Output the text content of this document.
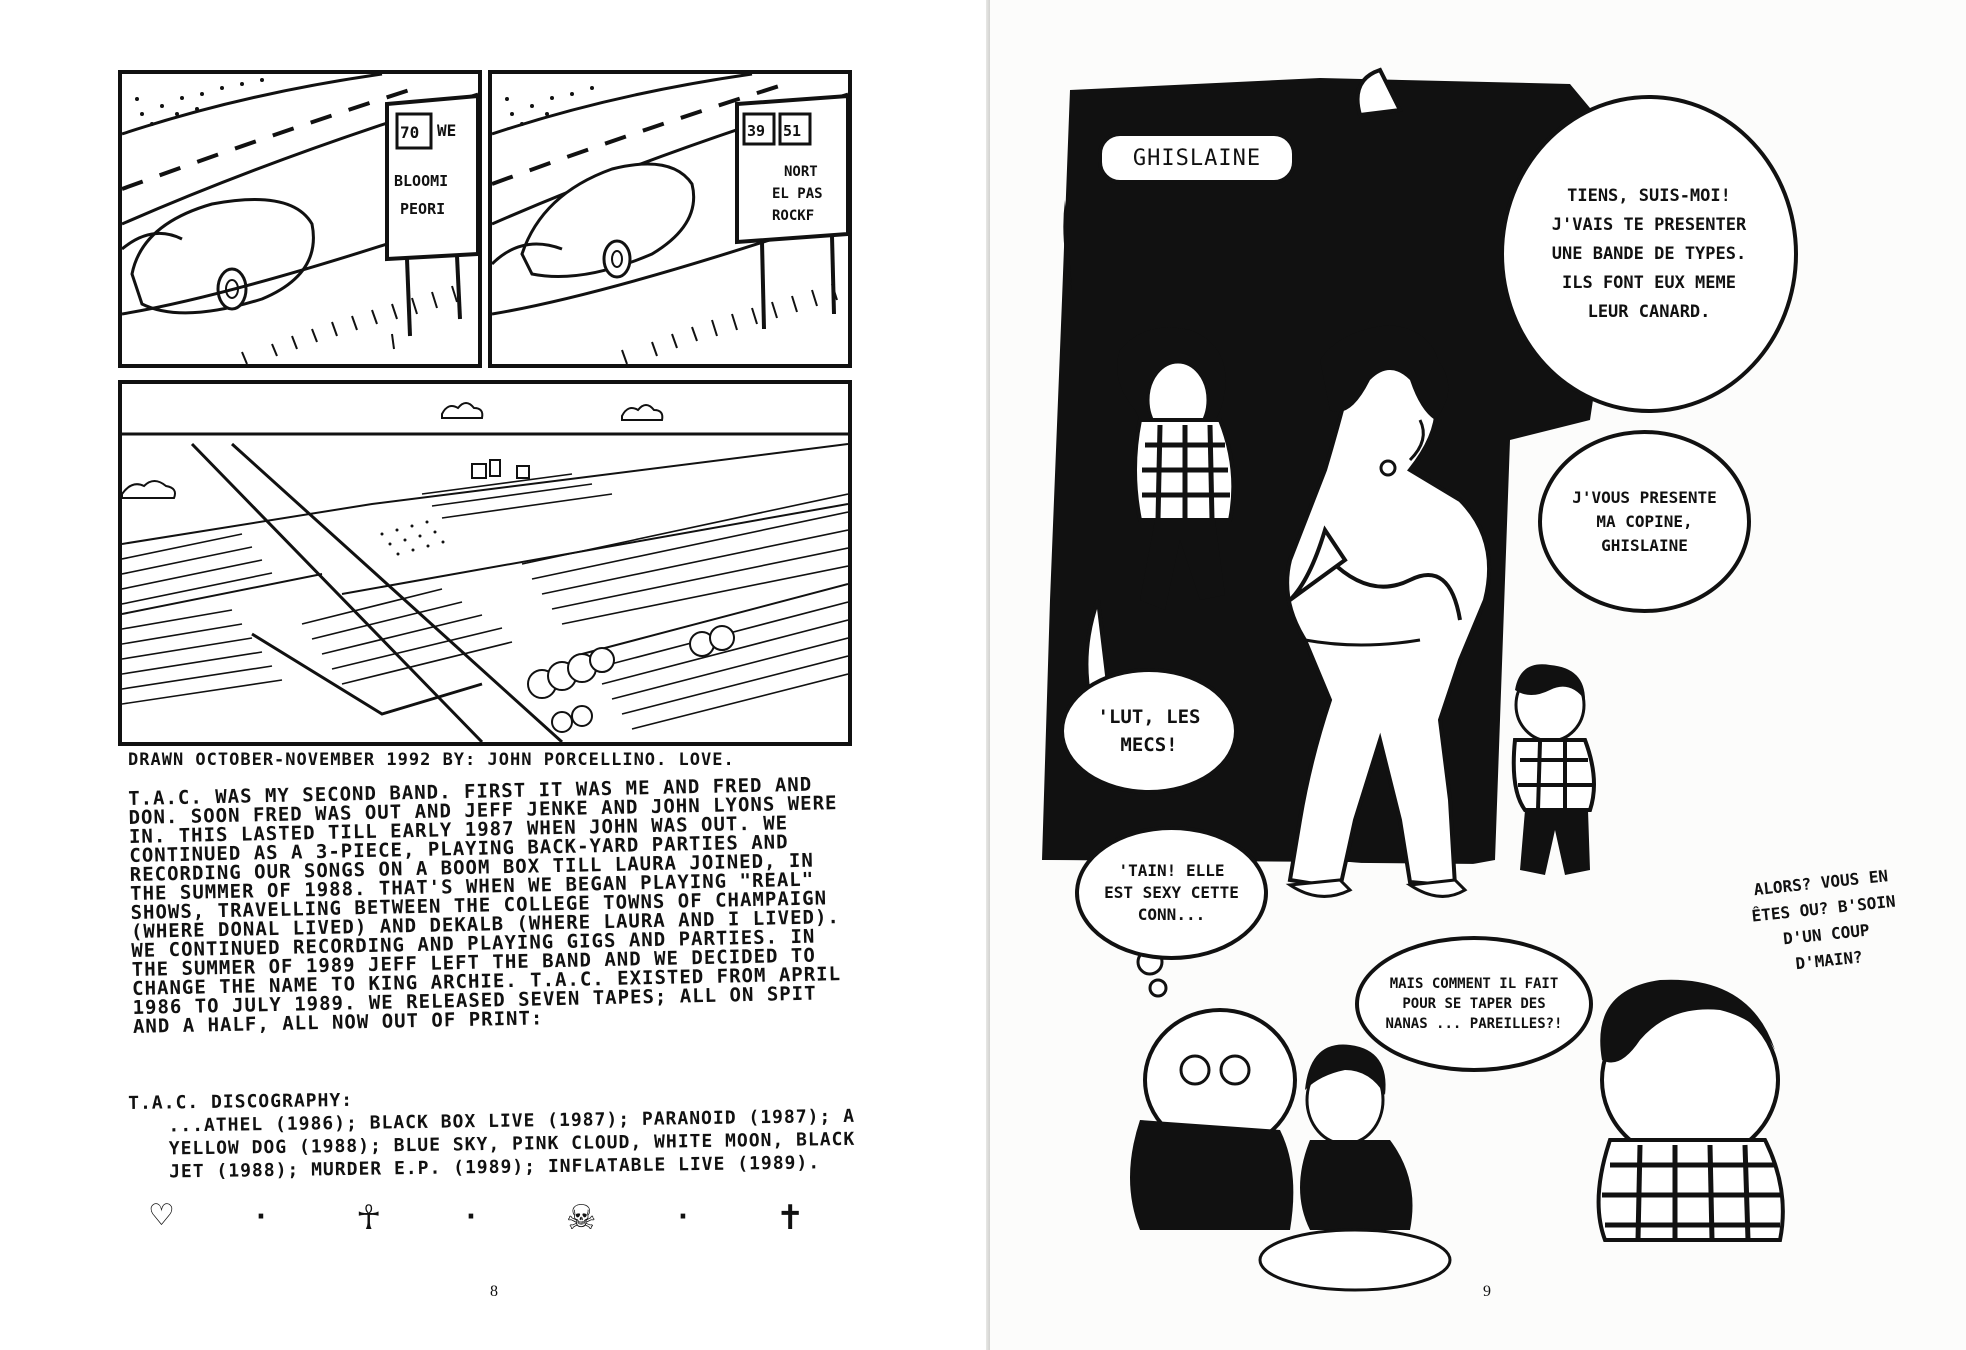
70 WE
BLOOMI
PEORI
39 51
NORT
EL PAS
ROCKF
DRAWN OCTOBER-NOVEMBER 1992 BY: JOHN PORCELLINO. LOVE.

T.A.C. WAS MY SECOND BAND. FIRST IT WAS ME AND FRED AND DON. SOON FRED WAS OUT AND JEFF JENKE AND JOHN LYONS WERE IN. THIS LASTED TILL EARLY 1987 WHEN JOHN WAS OUT. WE CONTINUED AS A 3-PIECE, PLAYING BACK-YARD PARTIES AND RECORDING OUR SONGS ON A BOOM BOX TILL LAURA JOINED, IN THE SUMMER OF 1988. THAT'S WHEN WE BEGAN PLAYING "REAL" SHOWS, TRAVELLING BETWEEN THE COLLEGE TOWNS OF CHAMPAIGN (WHERE DONAL LIVED) AND DEKALB (WHERE LAURA AND I LIVED). WE CONTINUED RECORDING AND PLAYING GIGS AND PARTIES. IN THE SUMMER OF 1989 JEFF LEFT THE BAND AND WE DECIDED TO CHANGE THE NAME TO KING ARCHIE. T.A.C. EXISTED FROM APRIL 1986 TO JULY 1989. WE RELEASED SEVEN TAPES; ALL ON SPIT AND A HALF, ALL NOW OUT OF PRINT:

T.A.C. DISCOGRAPHY:
...ATHEL (1986); BLACK BOX LIVE (1987); PARANOID (1987); A YELLOW DOG (1988); BLUE SKY, PINK CLOUD, WHITE MOON, BLACK JET (1988); MURDER E.P. (1989); INFLATABLE LIVE (1989).
♡	·	☥	·	☠	·	✝
8
GHISLAINE
TIENS, SUIS-MOI! J'VAIS TE PRESENTER UNE BANDE DE TYPES. ILS FONT EUX MEME LEUR CANARD.
J'VOUS PRESENTE MA COPINE, GHISLAINE
'LUT, LES MECS!
'TAIN! ELLE EST SEXY CETTE CONN...
MAIS COMMENT IL FAIT POUR SE TAPER DES NANAS ... PAREILLES?!
ALORS? VOUS EN ÊTES OU? B'SOIN D'UN COUP D'MAIN?
9
